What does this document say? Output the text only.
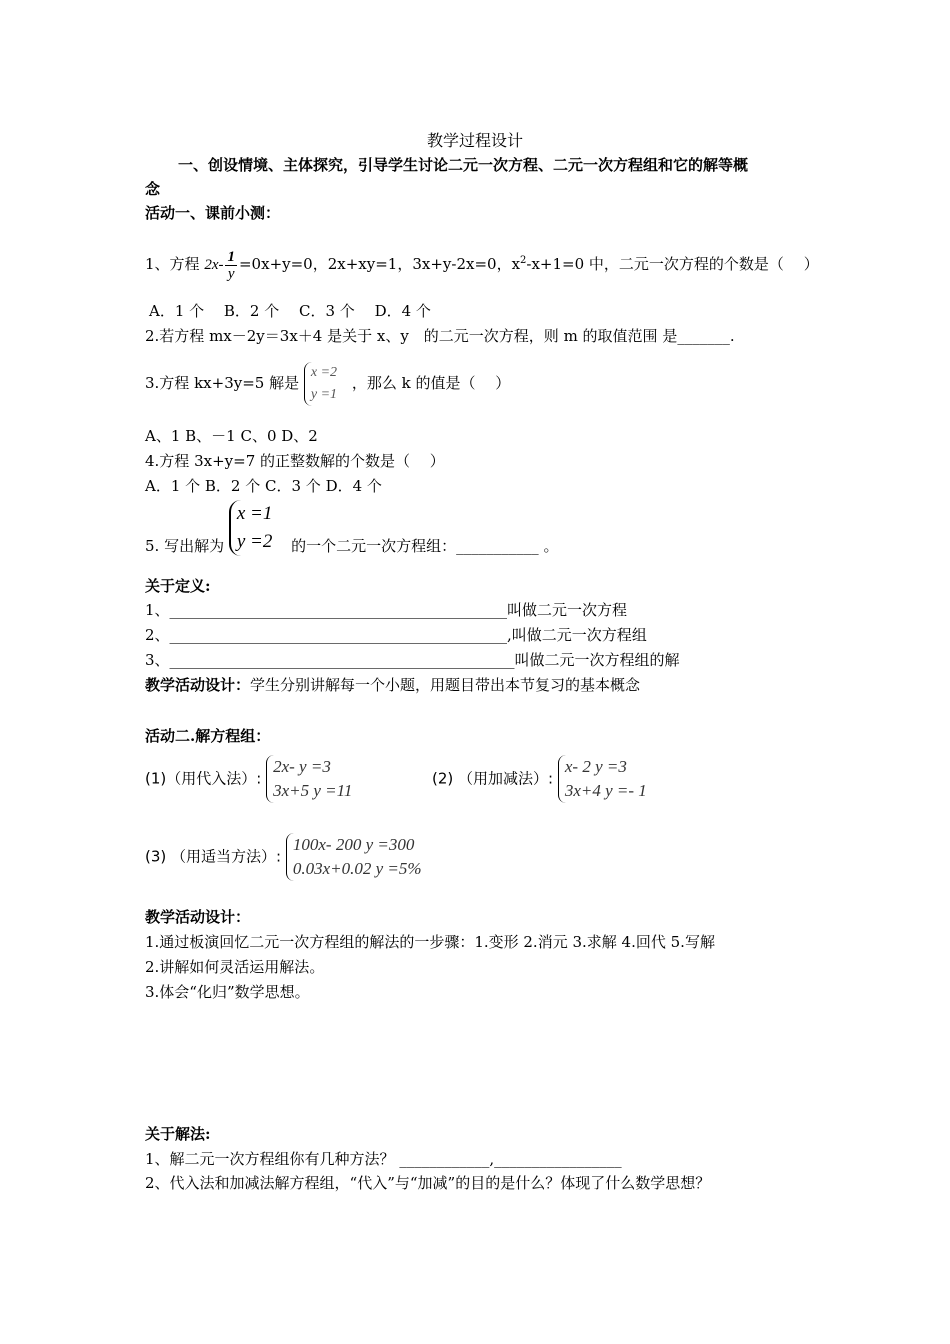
教学过程设计
一、创设情境、主体探究，引导学生讨论二元一次方程、二元一次方程组和它的解等概
念
活动一、课前小测：
1、方程 $2x- \frac{1}{y} =0x+y=0$，2x+xy=1，3x+y-2x=0，$x^2-x+1=0$ 中，二元一次方程的个数是（　 ）
A．1 个　 B．2 个　 C．3 个　 D．4 个
2.若方程 mx－2y＝3x＋4 是关于 x、y　的二元一次方程，则 m 的取值范围 是_______.
3.方程 kx+3y=5 解是
x =2
y =1
，那么 k 的值是（　 ）
A、1 B、－1 C、0 D、2
4.方程 3x+y=7 的正整数解的个数是（　 ）
A．1 个 B．2 个 C．3 个 D．4 个
5. 写出解为
x =1
y =2 的一个二元一次方程组：___________ 。
关于定义:
1、_____________________________________________叫做二元一次方程
2、_____________________________________________,叫做二元一次方程组
3、______________________________________________叫做二元一次方程组的解
教学活动设计：学生分别讲解每一个小题，用题目带出本节复习的基本概念
活动二.解方程组：
(1)（用代入法）:
2x- y =3
3x+5 y =11
(2) （用加减法）:
x- 2 y =3
3x+4 y =- 1
(3) （用适当方法）:
100x- 200 y =300
0.03x+0.02 y =5%
教学活动设计：
1.通过板演回忆二元一次方程组的解法的一步骤：1.变形 2.消元 3.求解 4.回代 5.写解
2.讲解如何灵活运用解法。
3.体会“化归”数学思想。
关于解法:
1、解二元一次方程组你有几种方法？ ____________,_________________
2、代入法和加减法解方程组，“代入”与“加减”的目的是什么？体现了什么数学思想？
